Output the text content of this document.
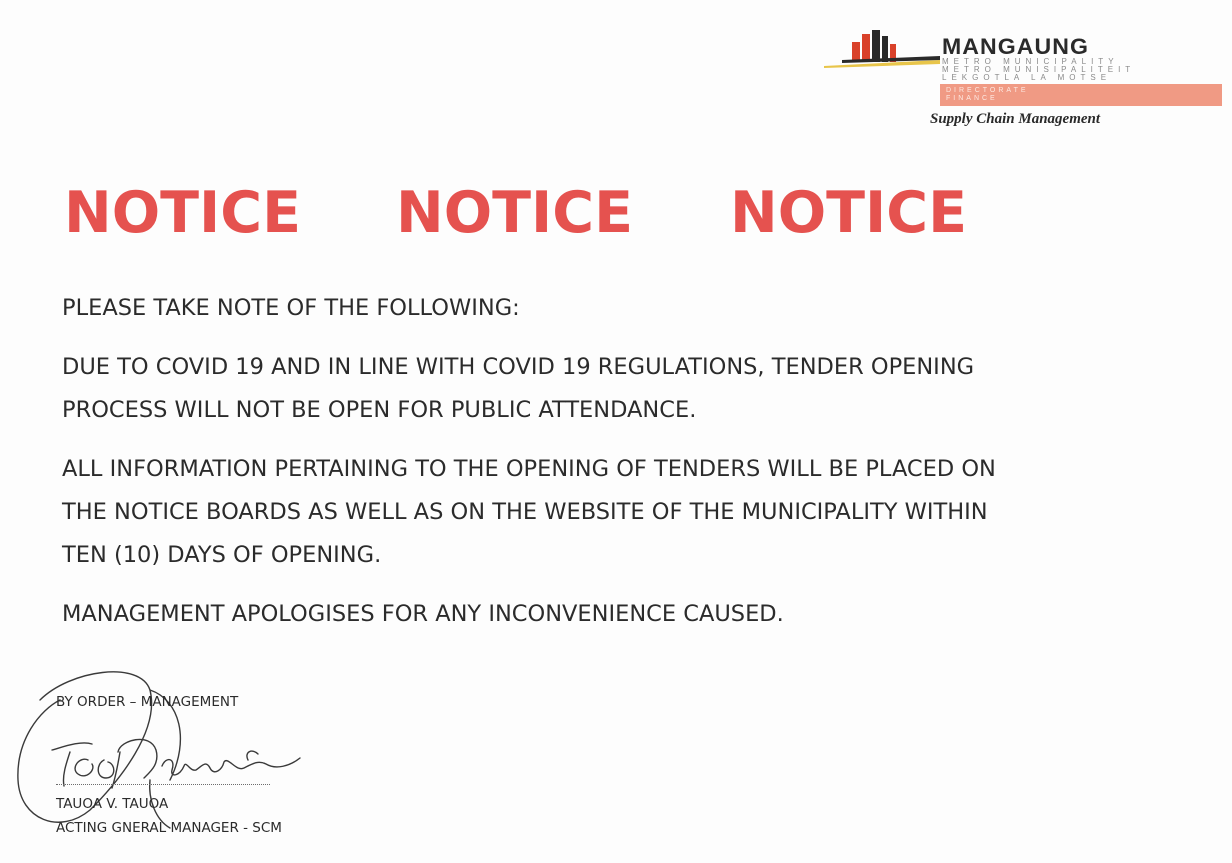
MANGAUNG
METRO MUNICIPALITY
METRO MUNISIPALITEIT
LEKGOTLA LA MOTSE
DIRECTORATE
FINANCE
Supply Chain Management
NOTICE NOTICE NOTICE
PLEASE TAKE NOTE OF THE FOLLOWING:
DUE TO COVID 19 AND IN LINE WITH COVID 19 REGULATIONS, TENDER OPENING
PROCESS WILL NOT BE OPEN FOR PUBLIC ATTENDANCE.
ALL INFORMATION PERTAINING TO THE OPENING OF TENDERS WILL BE PLACED ON
THE NOTICE BOARDS AS WELL AS ON THE WEBSITE OF THE MUNICIPALITY WITHIN
TEN (10) DAYS OF OPENING.
MANAGEMENT APOLOGISES FOR ANY INCONVENIENCE CAUSED.
BY ORDER – MANAGEMENT
TAUOA V. TAUOA
ACTING GNERAL MANAGER - SCM
